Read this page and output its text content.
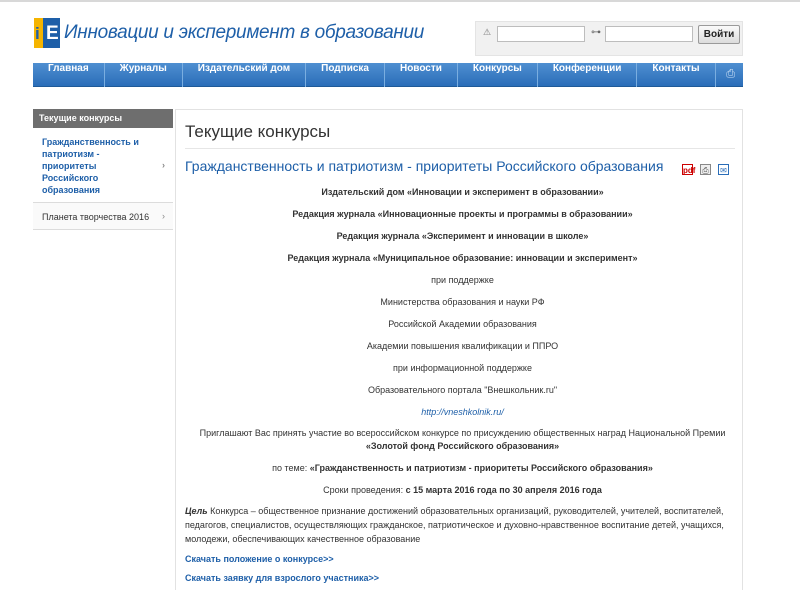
i E Инновации и эксперимент в образовании	⚠	⊶	Войти
Главная	Журналы	Издательский дом	Подписка	Новости	Конкурсы	Конференции	Контакты	⎙
Текущие конкурсы
Гражданственность и патриотизм - приоритеты Российского образования
›
Планета творчества 2016 ›
Текущие конкурсы
Гражданственность и патриотизм - приоритеты Российского образования pdf ⎙ ✉
Издательский дом «Инновации и эксперимент в образовании»
Редакция журнала «Инновационные проекты и программы в образовании»
Редакция журнала «Эксперимент и инновации в школе»
Редакция журнала «Муниципальное образование: инновации и эксперимент»
при поддержке
Министерства образования и науки РФ
Российской Академии образования
Академии повышения квалификации и ППРО
при информационной поддержке
Образовательного портала "Внешкольник.ru"
http://vneshkolnik.ru/
Приглашают Вас принять участие во всероссийском конкурсе по присуждению общественных наград Национальной Премии
«Золотой фонд Российского образования»
по теме: «Гражданственность и патриотизм - приоритеты Российского образования»
Сроки проведения: с 15 марта 2016 года по 30 апреля 2016 года
Цель Конкурса – общественное признание достижений образовательных организаций, руководителей, учителей, воспитателей, педагогов, специалистов, осуществляющих гражданское, патриотическое и духовно-нравственное воспитание детей, учащихся, молодежи, обеспечивающих качественное образование
Скачать положение о конкурсе>>
Скачать заявку для взрослого участника>>
